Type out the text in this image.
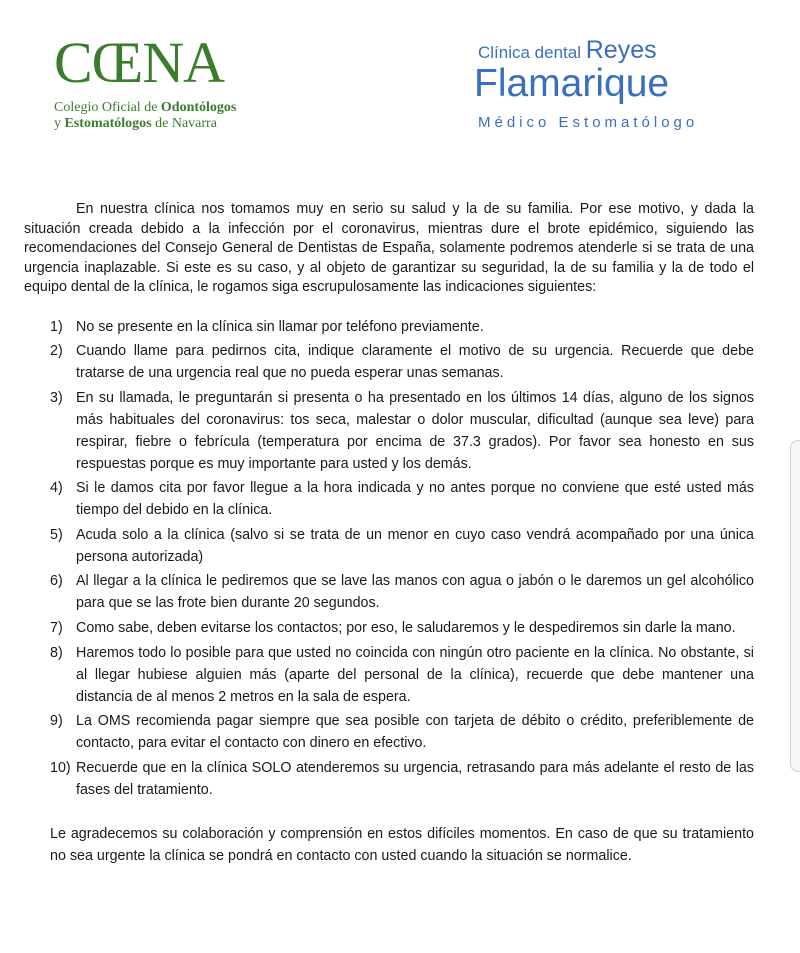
CŒNA
Colegio Oficial de Odontólogos
y Estomatólogos de Navarra
Clínica dental Reyes
Flamarique
Médico Estomatólogo

En nuestra clínica nos tomamos muy en serio su salud y la de su familia. Por ese motivo, y dada la situación creada debido a la infección por el coronavirus, mientras dure el brote epidémico, siguiendo las recomendaciones del Consejo General de Dentistas de España, solamente podremos atenderle si se trata de una urgencia inaplazable. Si este es su caso, y al objeto de garantizar su seguridad, la de su familia y la de todo el equipo dental de la clínica, le rogamos siga escrupulosamente las indicaciones siguientes:

1) No se presente en la clínica sin llamar por teléfono previamente.
2) Cuando llame para pedirnos cita, indique claramente el motivo de su urgencia. Recuerde que debe tratarse de una urgencia real que no pueda esperar unas semanas.
3) En su llamada, le preguntarán si presenta o ha presentado en los últimos 14 días, alguno de los signos más habituales del coronavirus: tos seca, malestar o dolor muscular, dificultad (aunque sea leve) para respirar, fiebre o febrícula (temperatura por encima de 37.3 grados). Por favor sea honesto en sus respuestas porque es muy importante para usted y los demás.
4) Si le damos cita por favor llegue a la hora indicada y no antes porque no conviene que esté usted más tiempo del debido en la clínica.
5) Acuda solo a la clínica (salvo si se trata de un menor en cuyo caso vendrá acompañado por una única persona autorizada)
6) Al llegar a la clínica le pediremos que se lave las manos con agua o jabón o le daremos un gel alcohólico para que se las frote bien durante 20 segundos.
7) Como sabe, deben evitarse los contactos; por eso, le saludaremos y le despediremos sin darle la mano.
8) Haremos todo lo posible para que usted no coincida con ningún otro paciente en la clínica. No obstante, si al llegar hubiese alguien más (aparte del personal de la clínica), recuerde que debe mantener una distancia de al menos 2 metros en la sala de espera.
9) La OMS recomienda pagar siempre que sea posible con tarjeta de débito o crédito, preferiblemente de contacto, para evitar el contacto con dinero en efectivo.
10) Recuerde que en la clínica SOLO atenderemos su urgencia, retrasando para más adelante el resto de las fases del tratamiento.

Le agradecemos su colaboración y comprensión en estos difíciles momentos. En caso de que su tratamiento no sea urgente la clínica se pondrá en contacto con usted cuando la situación se normalice.
